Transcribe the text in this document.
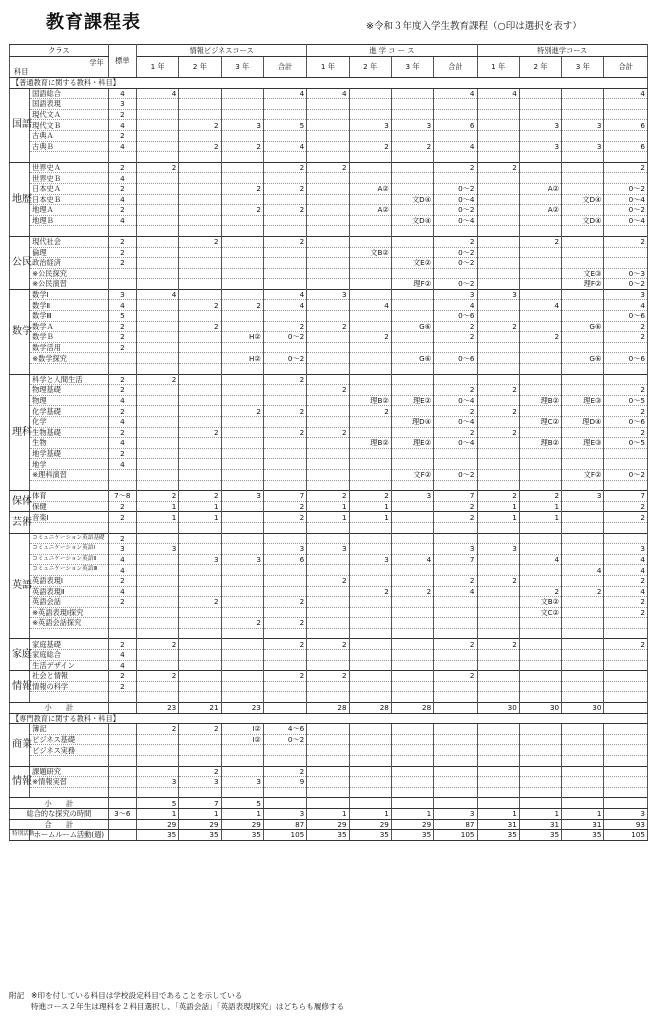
教育課程表	※令和３年度入学生教育課程（○印は選択を表す）
クラス		標単	情報ビジネスコース				進 学 コ ー ス				特別進学コース			

学年
科目			1 年	2 年	3 年	合計	1 年	2 年	3 年	合計	1 年	2 年	3 年	合計
【普通教育に関する教科・科目】														
国語	国語総合	4	4			4	4			4	4			4
	国語表現	3												
	現代文Ａ	2												
	現代文Ｂ	4		2	3	5		3	3	6		3	3	6
	古典Ａ	2												
	古典Ｂ	4		2	2	4		2	2	4		3	3	6

地歴	世界史Ａ	2	2			2	2			2	2			2
	世界史Ｂ	4												
	日本史Ａ	2			2	2		A②		0～2		A②		0～2
	日本史Ｂ	4							文D④	0～4			文D④	0～4
	地理Ａ	2			2	2		A②		0～2		A②		0～2
	地理Ｂ	4							文D④	0～4			文D④	0～4

公民	現代社会	2		2		2				2		2		2
	倫理	2						文B②		0～2				
	政治経済	2							文E②	0～2				
	※公民探究												文E③	0～3
	※公民演習								理F②	0～2			理F②	0～2
数学	数学Ⅰ	3	4			4	3			3	3			3
	数学Ⅱ	4		2	2	4		4		4		4		4
	数学Ⅲ	5								0～6				0～6
	数学Ａ	2		2		2	2		G⑥	2	2		G⑥	2
	数学Ｂ	2			H②	0～2		2		2		2		2
	数学活用	2												
	※数学探究				H②	0～2			G⑥	0～6			G⑥	0～6

理科	科学と人間生活	2	2			2								
	物理基礎	2					2			2	2			2
	物理	4						理B②	理E②	0～4		理B②	理E③	0～5
	化学基礎	2			2	2		2		2	2			2
	化学	4							理D④	0～4		理C②	理D④	0～6
	生物基礎	2		2		2	2			2	2			2
	生物	4						理B②	理E②	0～4		理B②	理E③	0～5
	地学基礎	2												
	地学	4												
	※理科演習								文F②	0～2			文F②	0～2

保体	体育	7～8	2	2	3	7	2	2	3	7	2	2	3	7
	保健	2	1	1		2	1	1		2	1	1		2
芸術	音楽Ⅰ	2	1	1		2	1	1		2	1	1		2

英語	コミュニケーション英語基礎	2												
	コミュニケーション英語Ⅰ	3	3			3	3			3	3			3
	コミュニケーション英語Ⅱ	4		3	3	6		3	4	7		4		4
	コミュニケーション英語Ⅲ	4											4	4
	英語表現Ⅰ	2					2			2	2			2
	英語表現Ⅱ	4						2	2	4		2	2	4
	英語会話	2		2		2						文B②		2
	※英語表現Ⅰ探究											文C②		2
	※英語会話探究				2	2								

家庭	家庭基礎	2	2			2	2			2	2			2
	家庭総合	4												
	生活デザイン	4												
情報	社会と情報	2	2			2	2			2				
	情報の科学	2												

小　　計			23	21	23		28	28	28		30	30	30	
【専門教育に関する教科・科目】														
商業	簿記		2	2	Ⅰ②	4～6								
	ビジネス基礎				Ⅰ②	0～2								
	ビジネス実務													

情報	課題研究			2		2								
	※情報実習		3	3	3	9								

小　　計			5	7	5									
総合的な探究の時間		3～6	1	1	1	3	1	1	1	3	1	1	1	3
合　　計			29	29	29	87	29	29	29	87	31	31	31	93
特別活動	ホームルーム活動(週)		35	35	35	105	35	35	35	105	35	35	35	105
附記 ※印を付している科目は学校設定科目であることを示している
特進コース２年生は理科を２科目選択し、「英語会話」「英語表現Ⅰ探究」はどちらも履修する
